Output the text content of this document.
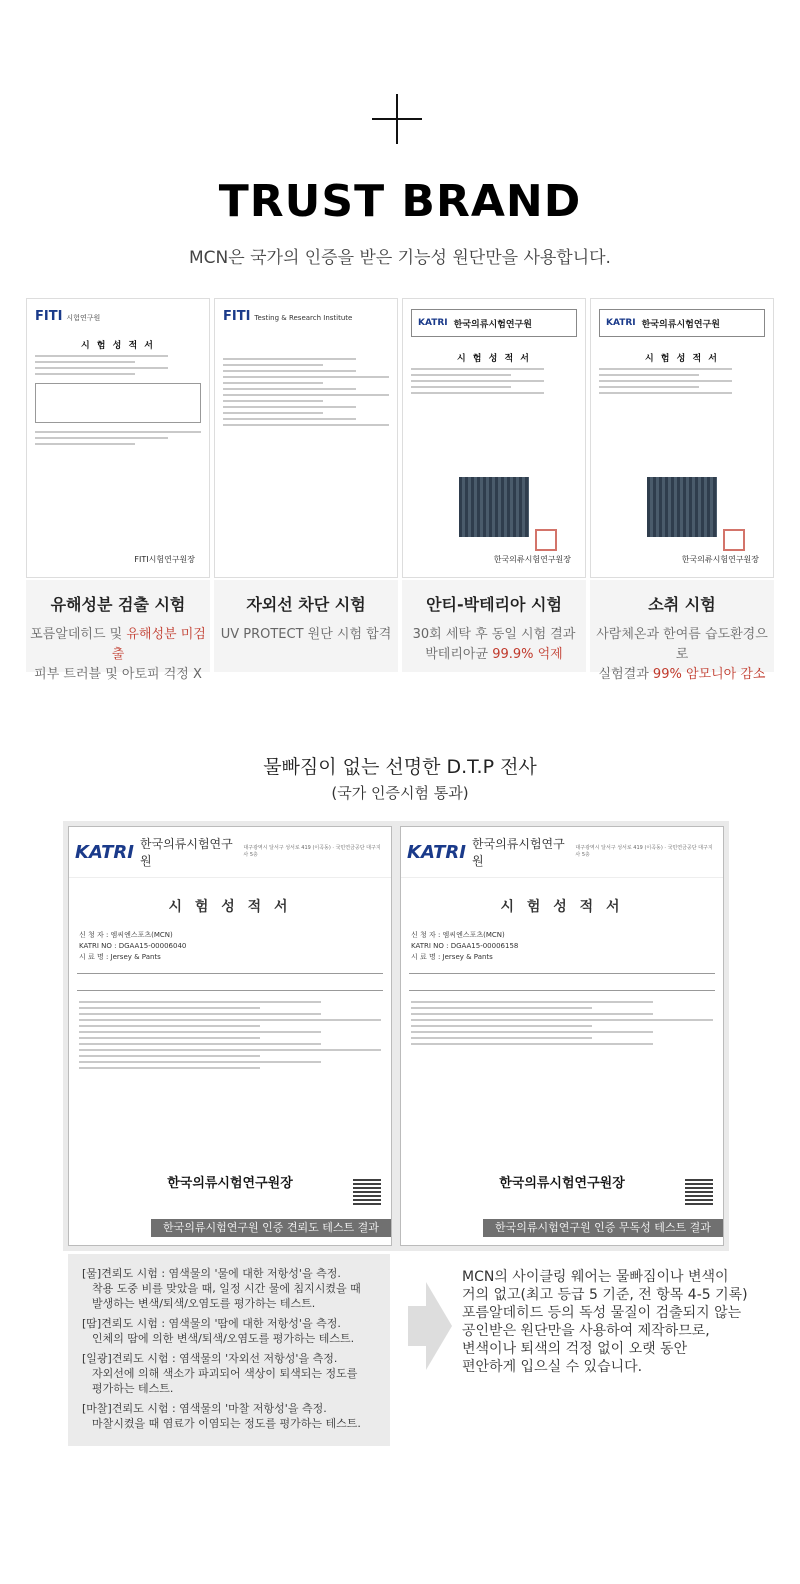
TRUST BRAND
MCN은 국가의 인증을 받은 기능성 원단만을 사용합니다.
FITI 시험연구원
시 험 성 적 서
FITI시험연구원장
FITI Testing & Research Institute	KATRI 한국의류시험연구원
시 험 성 적 서
한국의류시험연구원장
KATRI 한국의류시험연구원
시 험 성 적 서
한국의류시험연구원장
유해성분 검출 시험
포름알데히드 및 유해성분 미검출
피부 트러블 및 아토피 걱정 X
자외선 차단 시험
UV PROTECT 원단 시험 합격
안티-박테리아 시험
30회 세탁 후 동일 시험 결과
박테리아균 99.9% 억제
소취 시험
사람체온과 한여름 습도환경으로
실험결과 99% 암모니아 감소
물빠짐이 없는 선명한 D.T.P 전사
(국가 인증시험 통과)
KATRI 한국의류시험연구원
대구광역시 달서구 성서로 419 (이곡동) · 국민연금공단 대구지사 5층
시 험 성 적 서
신 청 자 : 엠씨엔스포츠(MCN)
KATRI NO : DGAA15-00006040
시 료 명 : Jersey & Pants
한국의류시험연구원장
한국의류시험연구원 인증 견뢰도 테스트 결과
KATRI 한국의류시험연구원
대구광역시 달서구 성서로 419 (이곡동) · 국민연금공단 대구지사 5층
시 험 성 적 서
신 청 자 : 엠씨엔스포츠(MCN)
KATRI NO : DGAA15-00006158
시 료 명 : Jersey & Pants
한국의류시험연구원장
한국의류시험연구원 인증 무독성 테스트 결과
[물]견뢰도 시험 : 염색물의 '물에 대한 저항성'을 측정.
착용 도중 비를 맞았을 때, 일정 시간 물에 침지시켰을 때
발생하는 변색/퇴색/오염도를 평가하는 테스트.
[땀]견뢰도 시험 : 염색물의 '땀에 대한 저항성'을 측정.
인체의 땀에 의한 변색/퇴색/오염도를 평가하는 테스트.
[일광]견뢰도 시험 : 염색물의 '자외선 저항성'을 측정.
자외선에 의해 색소가 파괴되어 색상이 퇴색되는 정도를
평가하는 테스트.
[마찰]견뢰도 시험 : 염색물의 '마찰 저항성'을 측정.
마찰시켰을 때 염료가 이염되는 정도를 평가하는 테스트.
MCN의 사이클링 웨어는 물빠짐이나 변색이
거의 없고(최고 등급 5 기준, 전 항목 4-5 기록)
포름알데히드 등의 독성 물질이 검출되지 않는
공인받은 원단만을 사용하여 제작하므로,
변색이나 퇴색의 걱정 없이 오랫 동안
편안하게 입으실 수 있습니다.
